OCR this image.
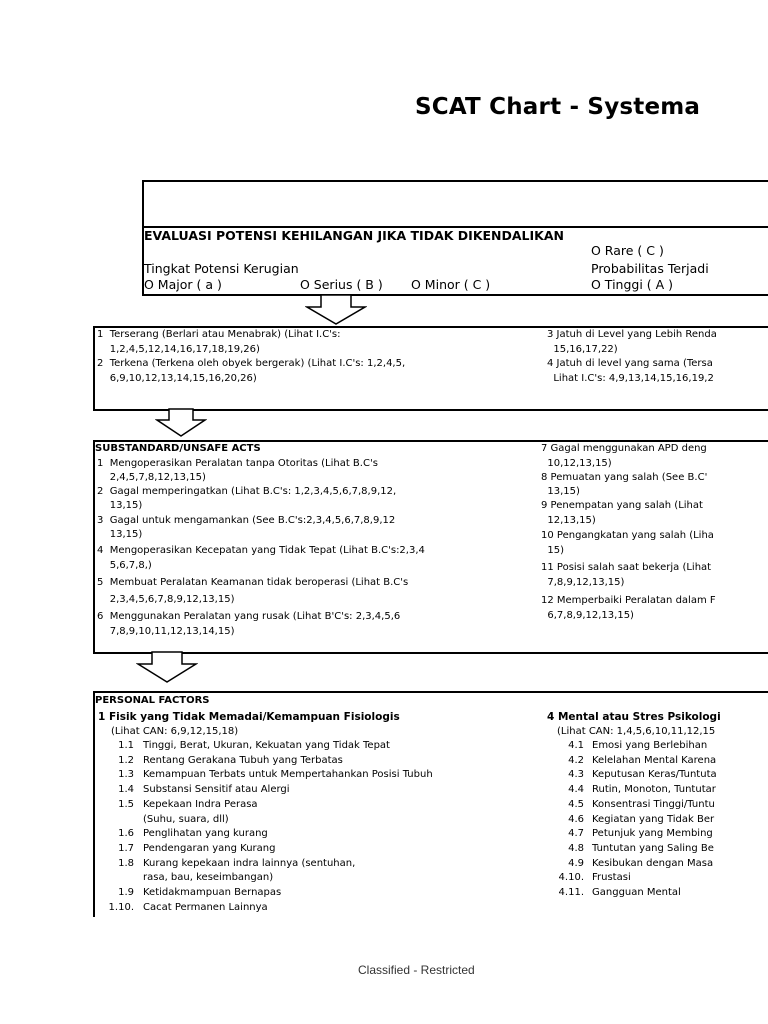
SCAT Chart - Systema
EVALUASI POTENSI KEHILANGAN JIKA TIDAK DIKENDALIKAN
O Rare ( C )
Tingkat Potensi Kerugian	Probabilitas Terjadi
O Major ( a )	O Serius ( B ) O Minor ( C )	O Tinggi ( A )
1  Terserang (Berlari atau Menabrak) (Lihat I.C's:
1,2,4,5,12,14,16,17,18,19,26)
2  Terkena (Terkena oleh obyek bergerak) (Lihat I.C's: 1,2,4,5,
6,9,10,12,13,14,15,16,20,26)
3 Jatuh di Level yang Lebih Renda
15,16,17,22)
4 Jatuh di level yang sama (Tersa
Lihat I.C's: 4,9,13,14,15,16,19,2
SUBSTANDARD/UNSAFE ACTS
1  Mengoperasikan Peralatan tanpa Otoritas (Lihat B.C's
2,4,5,7,8,12,13,15)
2  Gagal memperingatkan (Lihat B.C's: 1,2,3,4,5,6,7,8,9,12,
13,15)
3  Gagal untuk mengamankan (See B.C's:2,3,4,5,6,7,8,9,12
13,15)
4  Mengoperasikan Kecepatan yang Tidak Tepat (Lihat B.C's:2,3,4
5,6,7,8,)
5  Membuat Peralatan Keamanan tidak beroperasi (Lihat B.C's
2,3,4,5,6,7,8,9,12,13,15)
6  Menggunakan Peralatan yang rusak (Lihat B'C's: 2,3,4,5,6
7,8,9,10,11,12,13,14,15)
7 Gagal menggunakan APD deng
10,12,13,15)
8 Pemuatan yang salah (See B.C'
13,15)
9 Penempatan yang salah (Lihat
12,13,15)
10 Pengangkatan yang salah (Liha
15)
11 Posisi salah saat bekerja (Lihat
7,8,9,12,13,15)
12 Memperbaiki Peralatan dalam F
6,7,8,9,12,13,15)
PERSONAL FACTORS
1 Fisik yang Tidak Memadai/Kemampuan Fisiologis
(Lihat CAN: 6,9,12,15,18)
4 Mental atau Stres Psikologi
(Lihat CAN: 1,4,5,6,10,11,12,15
1.1 Tinggi, Berat, Ukuran, Kekuatan yang Tidak Tepat
1.2 Rentang Gerakana Tubuh yang Terbatas
1.3 Kemampuan Terbats untuk Mempertahankan Posisi Tubuh
1.4 Substansi Sensitif atau Alergi
1.5 Kepekaan Indra Perasa
(Suhu, suara, dll)
1.6 Penglihatan yang kurang
1.7 Pendengaran yang Kurang
1.8 Kurang kepekaan indra lainnya (sentuhan,
rasa, bau, keseimbangan)
1.9 Ketidakmampuan Bernapas
1.10. Cacat Permanen Lainnya
4.1 Emosi yang Berlebihan
4.2 Kelelahan Mental Karena
4.3 Keputusan Keras/Tuntuta
4.4 Rutin, Monoton, Tuntutar
4.5 Konsentrasi Tinggi/Tuntu
4.6 Kegiatan yang Tidak Ber
4.7 Petunjuk yang Membing
4.8 Tuntutan yang Saling Be
4.9 Kesibukan dengan Masa
4.10. Frustasi
4.11. Gangguan Mental
Classified - Restricted
